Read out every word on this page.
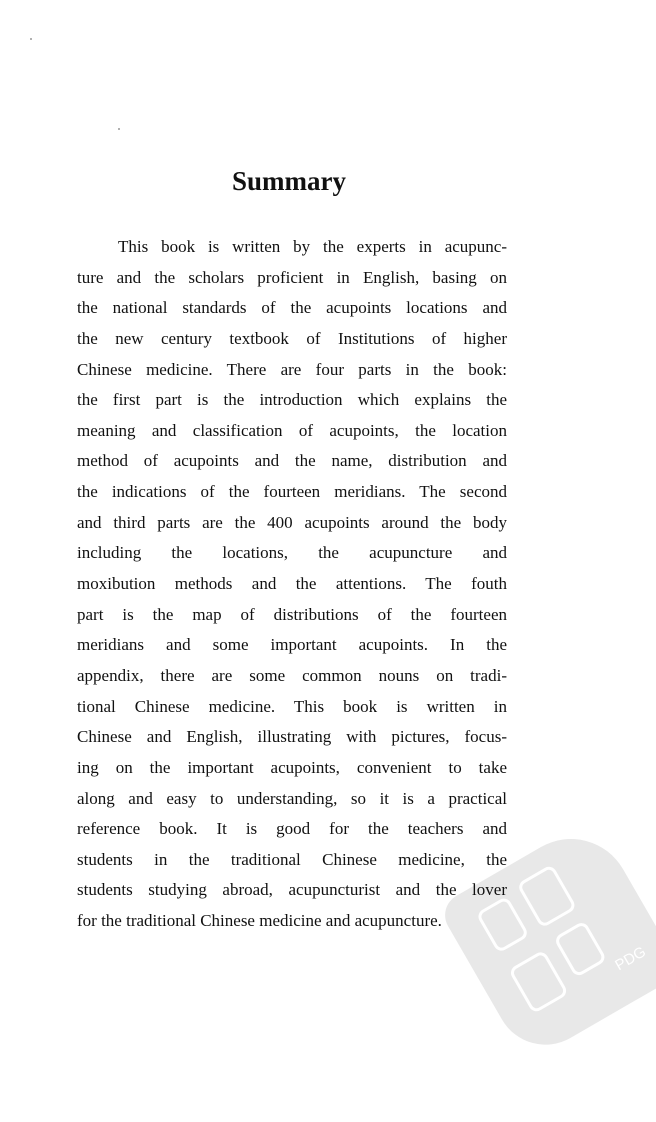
PDG
Summary
This book is written by the experts in acupunc-
ture and the scholars proficient in English, basing on
the national standards of the acupoints locations and
the new century textbook of Institutions of higher
Chinese medicine. There are four parts in the book:
the first part is the introduction which explains the
meaning and classification of acupoints, the location
method of acupoints and the name, distribution and
the indications of the fourteen meridians. The second
and third parts are the 400 acupoints around the body
including the locations, the acupuncture and
moxibution methods and the attentions. The fouth
part is the map of distributions of the fourteen
meridians and some important acupoints. In the
appendix, there are some common nouns on tradi-
tional Chinese medicine. This book is written in
Chinese and English, illustrating with pictures, focus-
ing on the important acupoints, convenient to take
along and easy to understanding, so it is a practical
reference book. It is good for the teachers and
students in the traditional Chinese medicine, the
students studying abroad, acupuncturist and the lover
for the traditional Chinese medicine and acupuncture.
